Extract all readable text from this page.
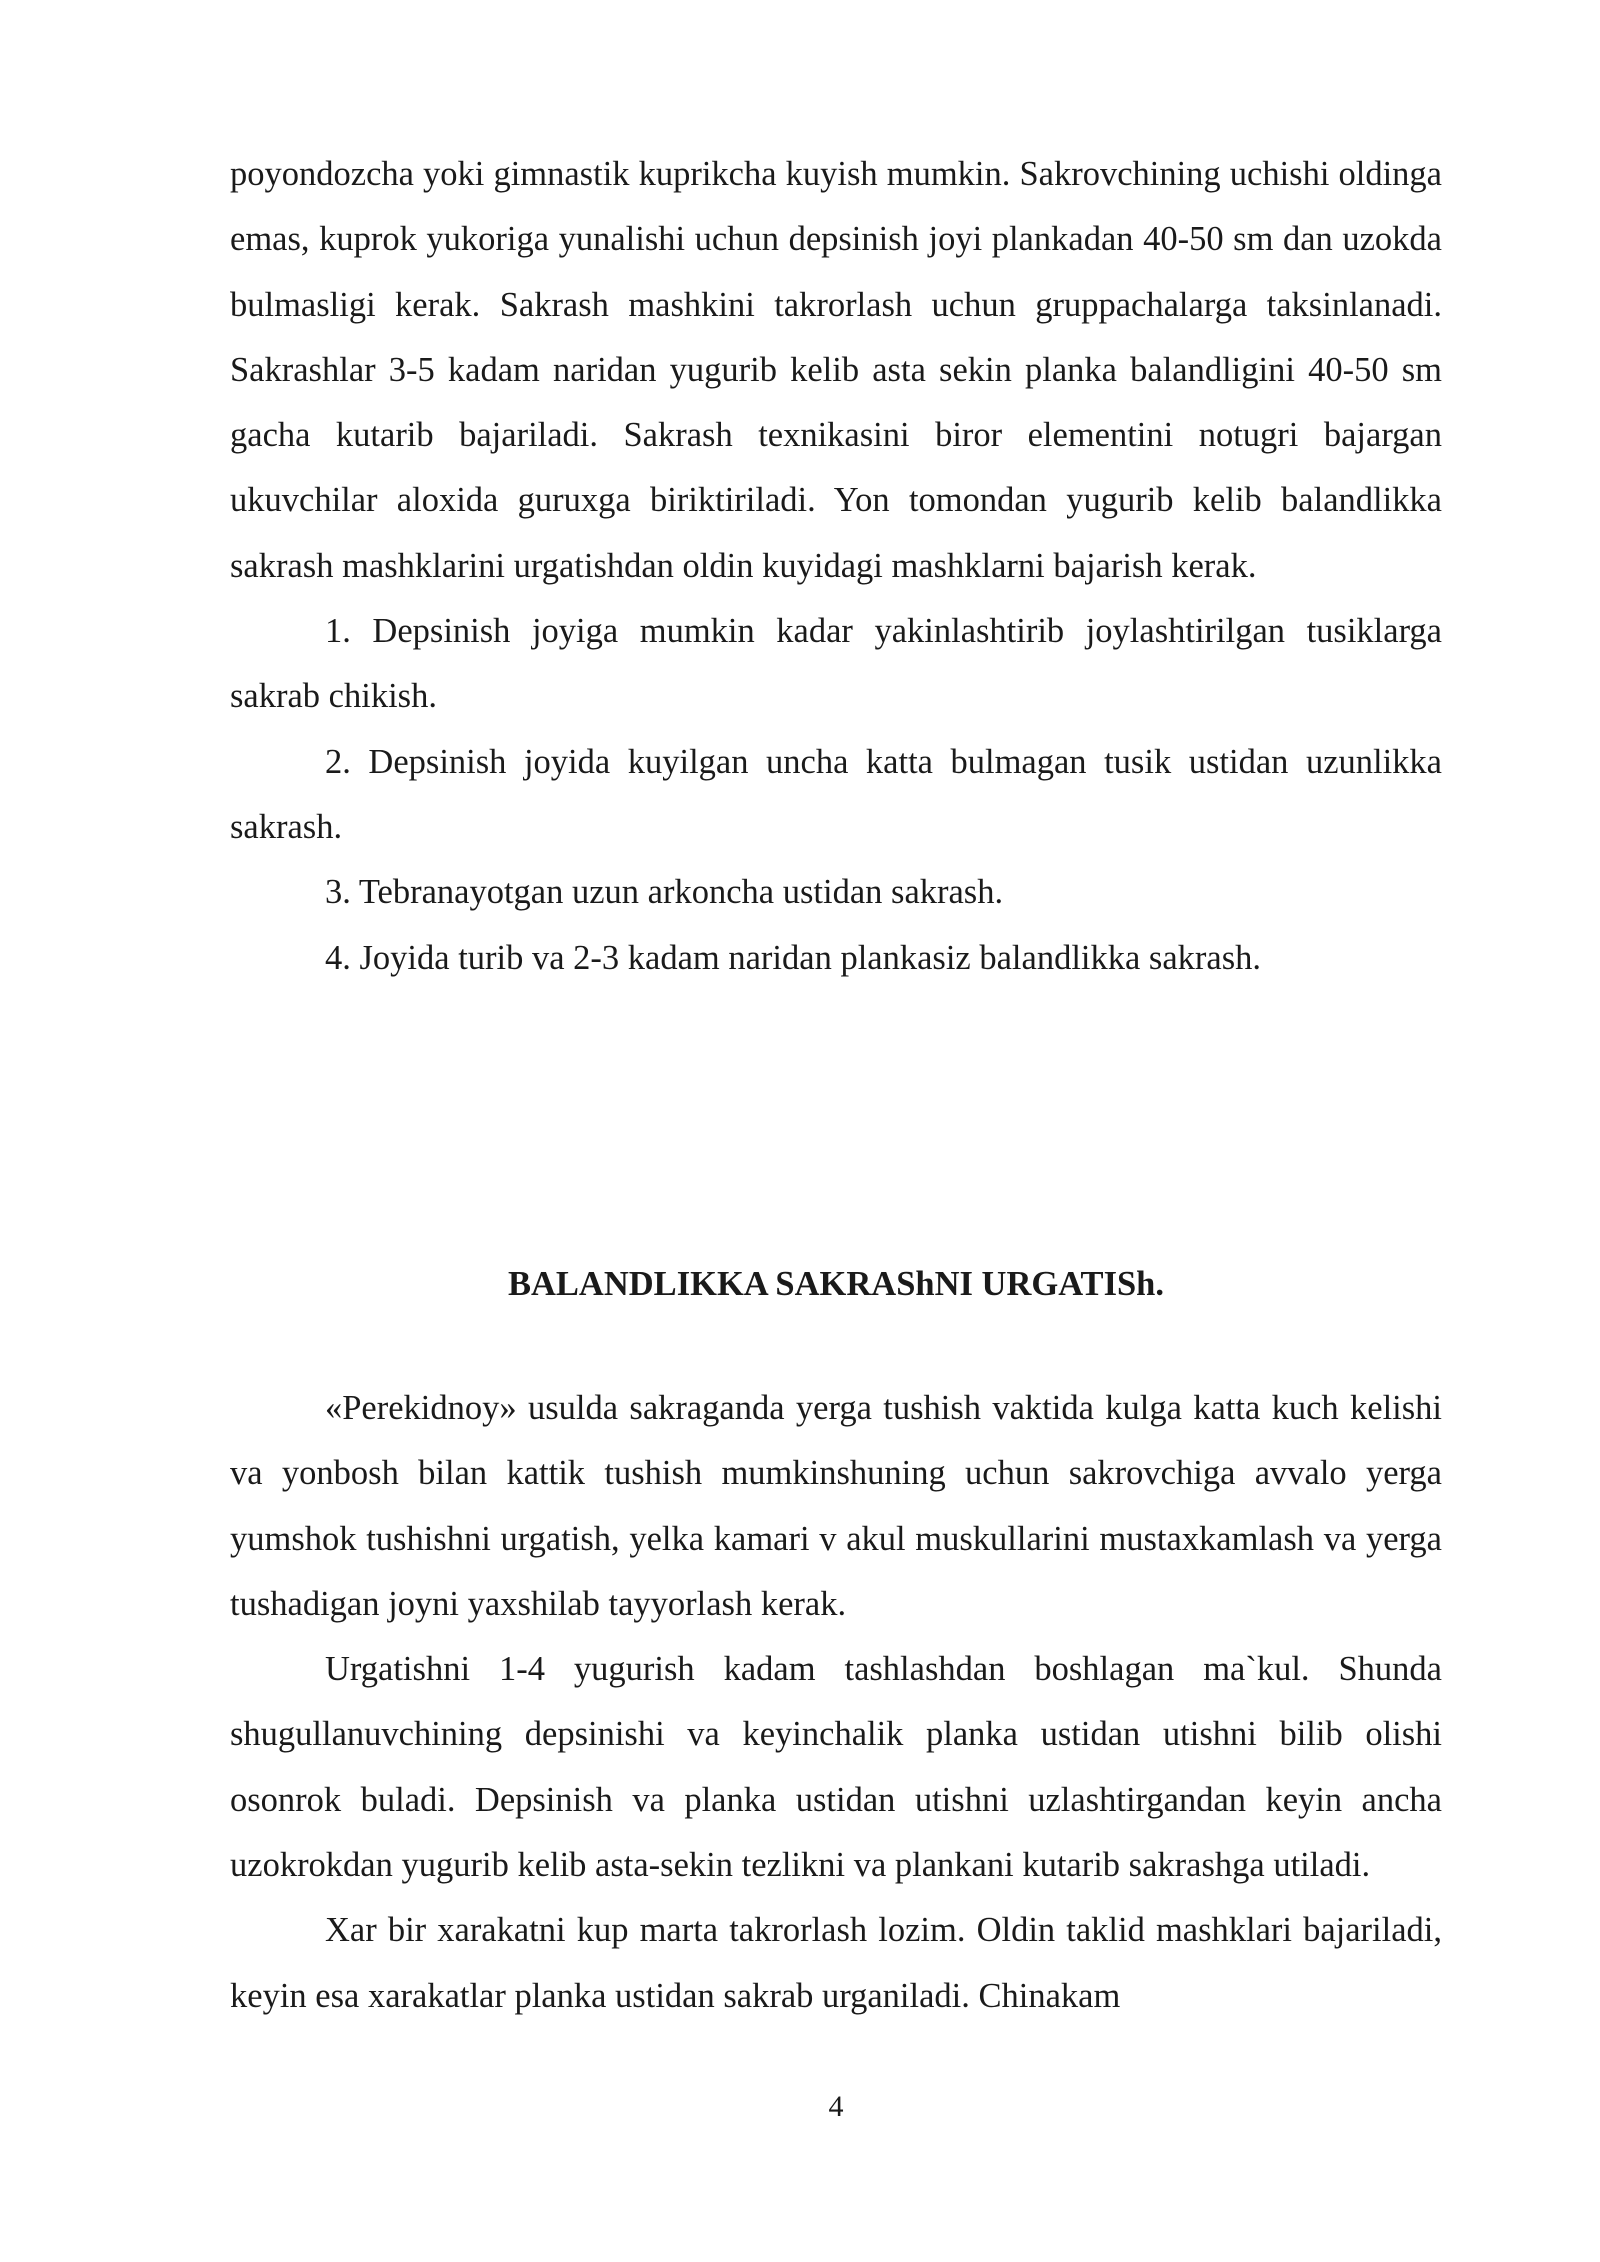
poyondozcha yoki gimnastik kuprikcha kuyish mumkin. Sakrovchining uchishi oldinga emas, kuprok yukoriga yunalishi uchun depsinish joyi plankadan 40-50 sm dan uzokda bulmasligi kerak. Sakrash mashkini takrorlash uchun gruppachalarga taksinlanadi. Sakrashlar 3-5 kadam naridan yugurib kelib asta sekin planka balandligini 40-50 sm gacha kutarib bajariladi. Sakrash texnikasini biror elementini notugri bajargan ukuvchilar aloxida guruxga biriktiriladi. Yon tomondan yugurib kelib balandlikka sakrash mashklarini urgatishdan oldin kuyidagi mashklarni bajarish kerak.

1. Depsinish joyiga mumkin kadar yakinlashtirib joylashtirilgan tusiklarga sakrab chikish.

2. Depsinish joyida kuyilgan uncha katta bulmagan tusik ustidan uzunlikka sakrash.

3. Tebranayotgan uzun arkoncha ustidan sakrash.

4. Joyida turib va 2-3 kadam naridan plankasiz balandlikka sakrash.

BALANDLIKKA SAKRAShNI URGATISh.

«Perekidnoy» usulda sakraganda yerga tushish vaktida kulga katta kuch kelishi va yonbosh bilan kattik tushish mumkinshuning uchun sakrovchiga avvalo yerga yumshok tushishni urgatish, yelka kamari v akul muskullarini mustaxkamlash va yerga tushadigan joyni yaxshilab tayyorlash kerak.

Urgatishni 1-4 yugurish kadam tashlashdan boshlagan ma`kul. Shunda shugullanuvchining depsinishi va keyinchalik planka ustidan utishni bilib olishi osonrok buladi. Depsinish va planka ustidan utishni uzlashtirgandan keyin ancha uzokrokdan yugurib kelib asta-sekin tezlikni va plankani kutarib sakrashga utiladi.

Xar bir xarakatni kup marta takrorlash lozim. Oldin taklid mashklari bajariladi, keyin esa xarakatlar planka ustidan sakrab urganiladi. Chinakam

4
